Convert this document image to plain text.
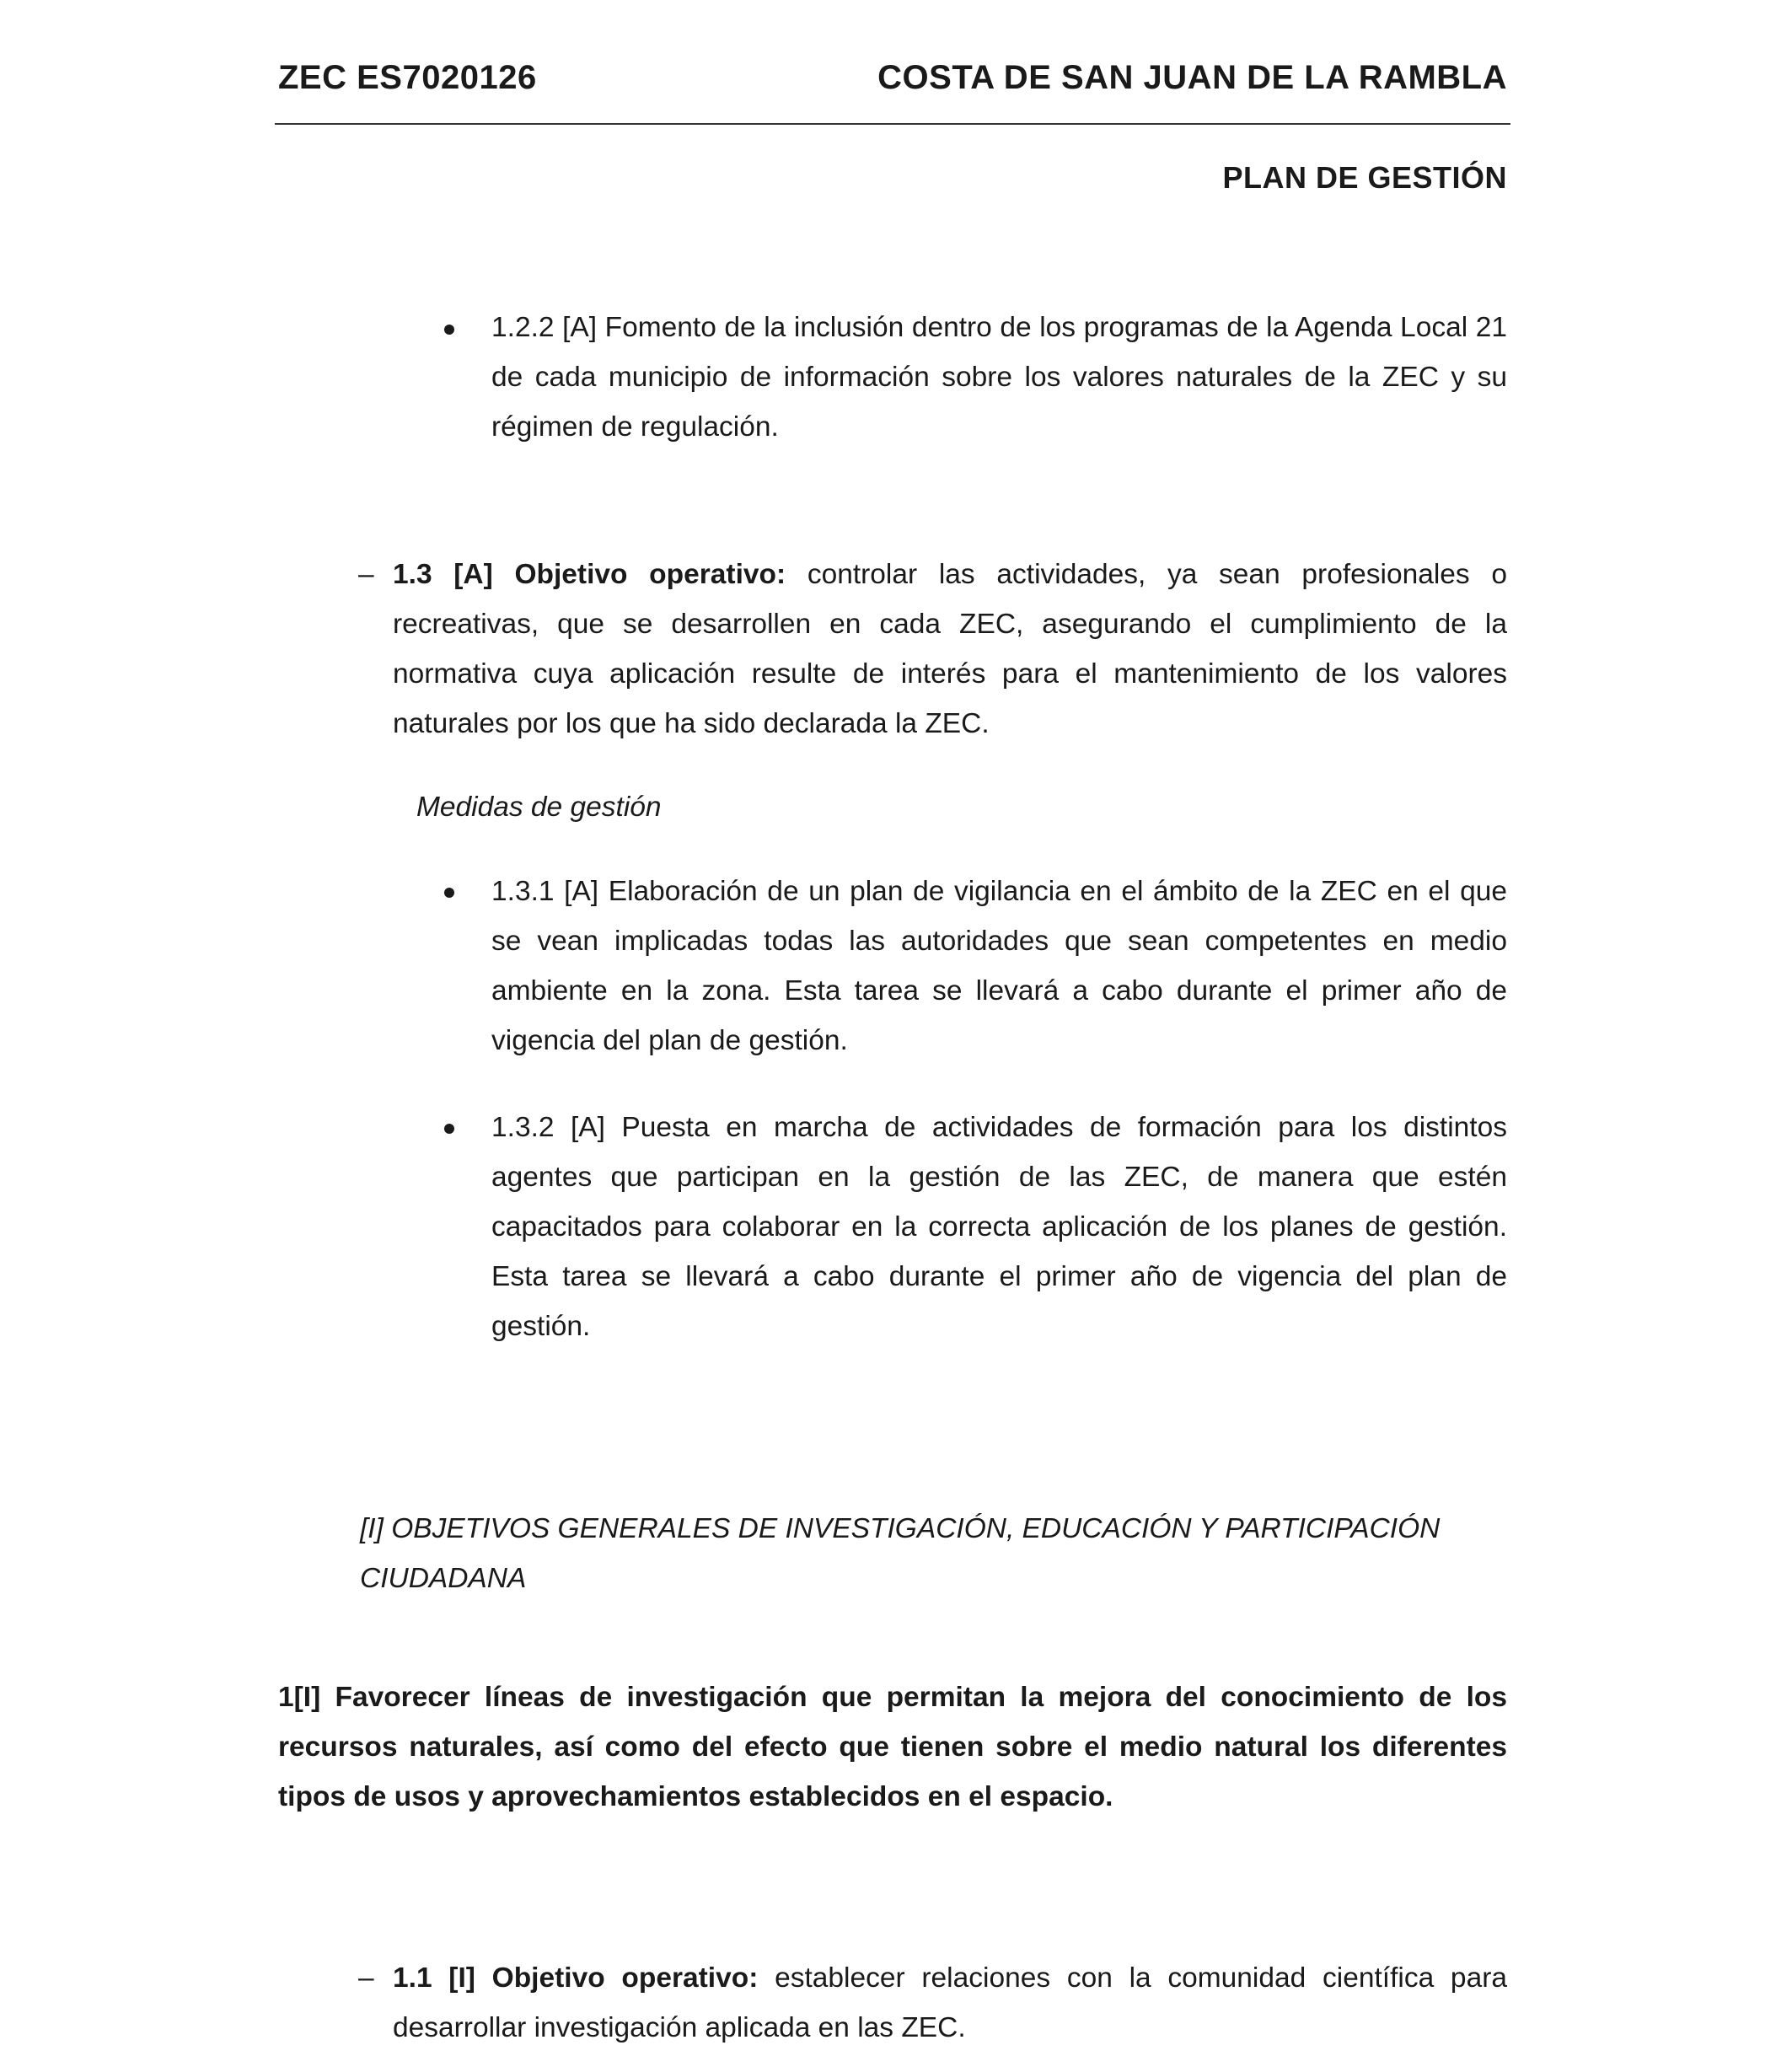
ZEC ES7020126	COSTA DE SAN JUAN DE LA RAMBLA
PLAN DE GESTIÓN
1.2.2 [A] Fomento de la inclusión dentro de los programas de la Agenda Local 21 de cada municipio de información sobre los valores naturales de la ZEC y su régimen de regulación.
– 1.3 [A] Objetivo operativo: controlar las actividades, ya sean profesionales o recreativas, que se desarrollen en cada ZEC, asegurando el cumplimiento de la normativa cuya aplicación resulte de interés para el mantenimiento de los valores naturales por los que ha sido declarada la ZEC.
Medidas de gestión
1.3.1 [A] Elaboración de un plan de vigilancia en el ámbito de la ZEC en el que se vean implicadas todas las autoridades que sean competentes en medio ambiente en la zona. Esta tarea se llevará a cabo durante el primer año de vigencia del plan de gestión.
1.3.2 [A] Puesta en marcha de actividades de formación para los distintos agentes que participan en la gestión de las ZEC, de manera que estén capacitados para colaborar en la correcta aplicación de los planes de gestión. Esta tarea se llevará a cabo durante el primer año de vigencia del plan de gestión.
[I] OBJETIVOS GENERALES DE INVESTIGACIÓN, EDUCACIÓN Y PARTICIPACIÓN CIUDADANA
1[I] Favorecer líneas de investigación que permitan la mejora del conocimiento de los recursos naturales, así como del efecto que tienen sobre el medio natural los diferentes tipos de usos y aprovechamientos establecidos en el espacio.
– 1.1 [I] Objetivo operativo: establecer relaciones con la comunidad científica para desarrollar investigación aplicada en las ZEC.
